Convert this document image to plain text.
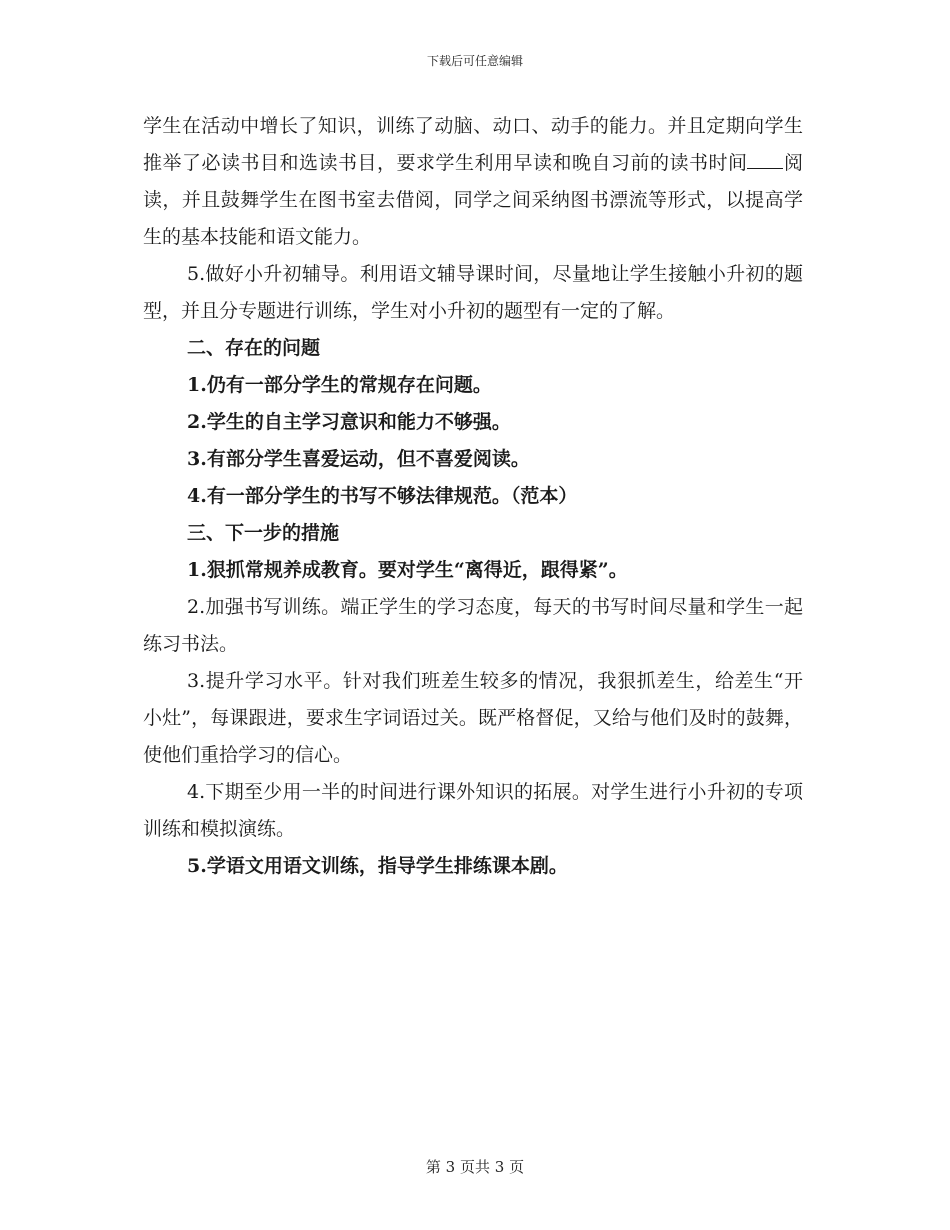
下载后可任意编辑

学生在活动中增长了知识，训练了动脑、动口、动手的能力。并且定期向学生推举了必读书目和选读书目，要求学生利用早读和晚自习前的读书时间 阅读，并且鼓舞学生在图书室去借阅，同学之间采纳图书漂流等形式，以提高学生的基本技能和语文能力。

5.做好小升初辅导。利用语文辅导课时间，尽量地让学生接触小升初的题型，并且分专题进行训练，学生对小升初的题型有一定的了解。

二、存在的问题

1.仍有一部分学生的常规存在问题。

2.学生的自主学习意识和能力不够强。

3.有部分学生喜爱运动，但不喜爱阅读。

4.有一部分学生的书写不够法律规范。（范本）

三、下一步的措施

1.狠抓常规养成教育。要对学生“离得近，跟得紧”。

2.加强书写训练。端正学生的学习态度，每天的书写时间尽量和学生一起练习书法。

3.提升学习水平。针对我们班差生较多的情况，我狠抓差生，给差生“开小灶”，每课跟进，要求生字词语过关。既严格督促，又给与他们及时的鼓舞，使他们重拾学习的信心。

4.下期至少用一半的时间进行课外知识的拓展。对学生进行小升初的专项训练和模拟演练。

5.学语文用语文训练，指导学生排练课本剧。

第 3 页共 3 页
